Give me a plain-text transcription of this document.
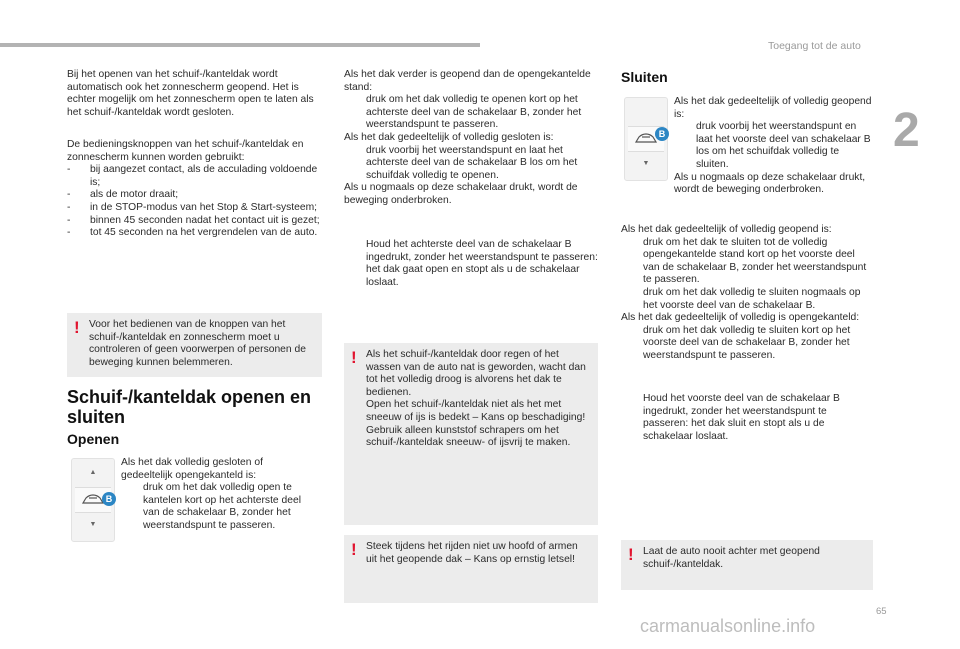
Toegang tot de auto
2

Bij het openen van het schuif-/kanteldak wordt automatisch ook het zonnescherm geopend. Het is echter mogelijk om het zonnescherm open te laten als het schuif-/kanteldak wordt gesloten.

De bedieningsknoppen van het schuif-/kanteldak en zonnescherm kunnen worden gebruikt:

- bij aangezet contact, als de acculading voldoende is;
- als de motor draait;
- in de STOP-modus van het Stop & Start-systeem;
- binnen 45 seconden nadat het contact uit is gezet;
- tot 45 seconden na het vergrendelen van de auto.
! Voor het bedienen van de knoppen van het schuif-/kanteldak en zonnescherm moet u controleren of geen voorwerpen of personen de beweging kunnen belemmeren.
Schuif-/kanteldak openen en sluiten
Openen
▲
▼
B

Als het dak volledig gesloten of gedeeltelijk opengekanteld is:

druk om het dak volledig open te kantelen kort op het achterste deel van de schakelaar B, zonder het weerstandspunt te passeren.

Als het dak verder is geopend dan de opengekantelde stand:

druk om het dak volledig te openen kort op het achterste deel van de schakelaar B, zonder het weerstandspunt te passeren.

Als het dak gedeeltelijk of volledig gesloten is:

druk voorbij het weerstandspunt en laat het achterste deel van de schakelaar B los om het schuifdak volledig te openen.

Als u nogmaals op deze schakelaar drukt, wordt de beweging onderbroken.

Houd het achterste deel van de schakelaar B ingedrukt, zonder het weerstandspunt te passeren: het dak gaat open en stopt als u de schakelaar loslaat.
! Als het schuif-/kanteldak door regen of het wassen van de auto nat is geworden, wacht dan tot het volledig droog is alvorens het dak te bedienen.
Open het schuif-/kanteldak niet als het met sneeuw of ijs is bedekt – Kans op beschadiging!
Gebruik alleen kunststof schrapers om het schuif-/kanteldak sneeuw- of ijsvrij te maken.
! Steek tijdens het rijden niet uw hoofd of armen uit het geopende dak – Kans op ernstig letsel!
Sluiten
▼
B

Als het dak gedeeltelijk of volledig geopend is:

druk voorbij het weerstandspunt en laat het voorste deel van schakelaar B los om het schuifdak volledig te sluiten.

Als u nogmaals op deze schakelaar drukt, wordt de beweging onderbroken.

Als het dak gedeeltelijk of volledig geopend is:

druk om het dak te sluiten tot de volledig opengekantelde stand kort op het voorste deel van de schakelaar B, zonder het weerstandspunt te passeren.
druk om het dak volledig te sluiten nogmaals op het voorste deel van de schakelaar B.

Als het dak gedeeltelijk of volledig is opengekanteld:

druk om het dak volledig te sluiten kort op het voorste deel van de schakelaar B, zonder het weerstandspunt te passeren.
Houd het voorste deel van de schakelaar B ingedrukt, zonder het weerstandspunt te passeren: het dak sluit en stopt als u de schakelaar loslaat.
! Laat de auto nooit achter met geopend schuif-/kanteldak.
65
carmanualsonline.info
